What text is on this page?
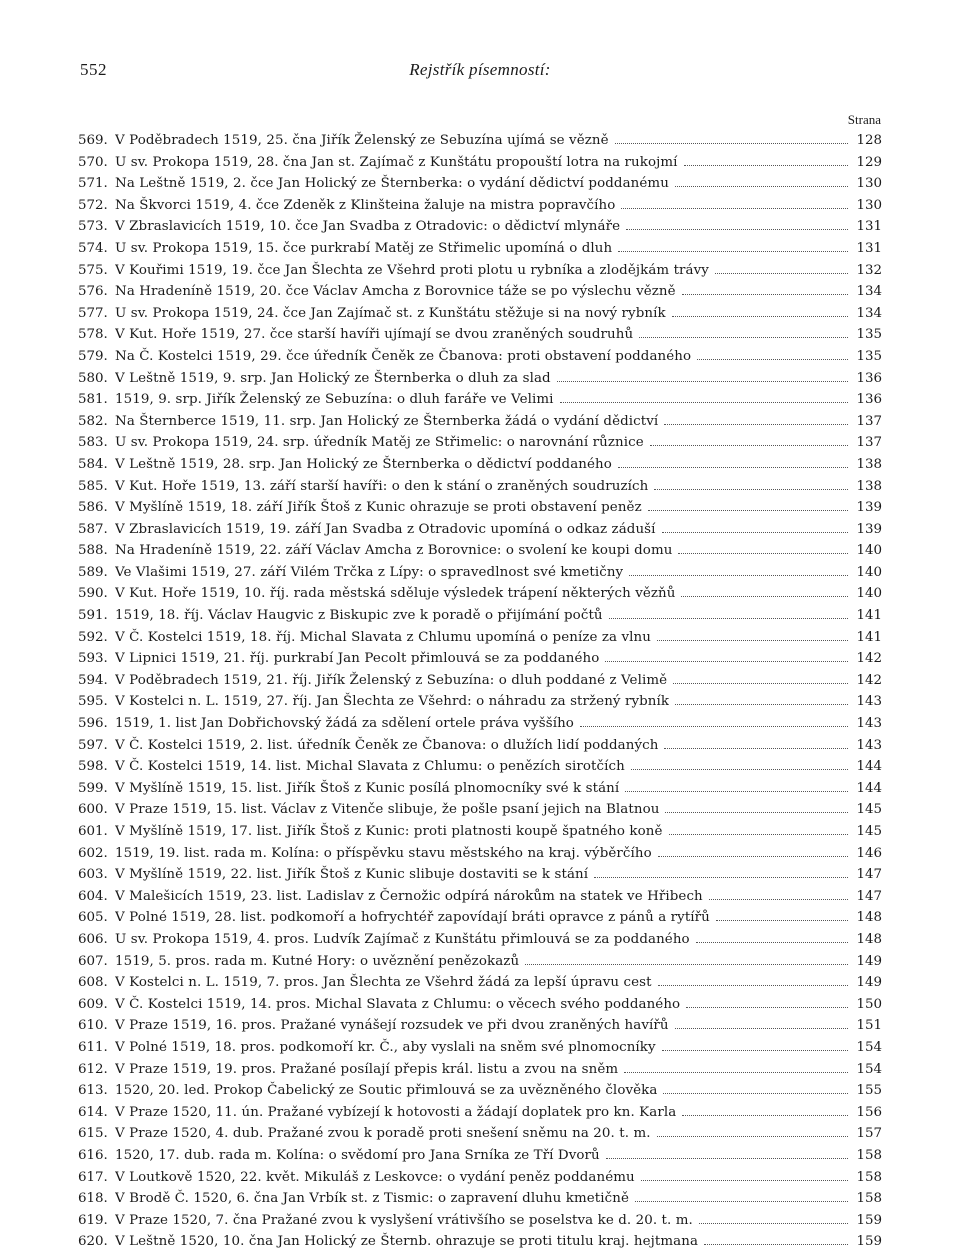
552	Rejstřík písemností:
Strana
569. V Poděbradech 1519, 25. čna Jiřík Želenský ze Sebuzína ujímá se vězně	128
570. U sv. Prokopa 1519, 28. čna Jan st. Zajímač z Kunštátu propouští lotra na rukojmí	129
571. Na Leštně 1519, 2. čce Jan Holický ze Šternberka: o vydání dědictví poddanému	130
572. Na Škvorci 1519, 4. čce Zdeněk z Klinšteina žaluje na mistra popravčího	130
573. V Zbraslavicích 1519, 10. čce Jan Svadba z Otradovic: o dědictví mlynáře	131
574. U sv. Prokopa 1519, 15. čce purkrabí Matěj ze Střimelic upomíná o dluh	131
575. V Kouřimi 1519, 19. čce Jan Šlechta ze Všehrd proti plotu u rybníka a zlodějkám trávy	132
576. Na Hradeníně 1519, 20. čce Václav Amcha z Borovnice táže se po výslechu vězně	134
577. U sv. Prokopa 1519, 24. čce Jan Zajímač st. z Kunštátu stěžuje si na nový rybník	134
578. V Kut. Hoře 1519, 27. čce starší havíři ujímají se dvou zraněných soudruhů	135
579. Na Č. Kostelci 1519, 29. čce úředník Čeněk ze Čbanova: proti obstavení poddaného	135
580. V Leštně 1519, 9. srp. Jan Holický ze Šternberka o dluh za slad	136
581. 1519, 9. srp. Jiřík Želenský ze Sebuzína: o dluh faráře ve Velimi	136
582. Na Šternberce 1519, 11. srp. Jan Holický ze Šternberka žádá o vydání dědictví	137
583. U sv. Prokopa 1519, 24. srp. úředník Matěj ze Střimelic: o narovnání různice	137
584. V Leštně 1519, 28. srp. Jan Holický ze Šternberka o dědictví poddaného	138
585. V Kut. Hoře 1519, 13. září starší havíři: o den k stání o zraněných soudruzích	138
586. V Myšlíně 1519, 18. září Jiřík Štoš z Kunic ohrazuje se proti obstavení peněz	139
587. V Zbraslavicích 1519, 19. září Jan Svadba z Otradovic upomíná o odkaz záduší	139
588. Na Hradeníně 1519, 22. září Václav Amcha z Borovnice: o svolení ke koupi domu	140
589. Ve Vlašimi 1519, 27. září Vilém Trčka z Lípy: o spravedlnost své kmetičny	140
590. V Kut. Hoře 1519, 10. říj. rada městská sděluje výsledek trápení některých vězňů	140
591. 1519, 18. říj. Václav Haugvic z Biskupic zve k poradě o přijímání počtů	141
592. V Č. Kostelci 1519, 18. říj. Michal Slavata z Chlumu upomíná o peníze za vlnu	141
593. V Lipnici 1519, 21. říj. purkrabí Jan Pecolt přimlouvá se za poddaného	142
594. V Poděbradech 1519, 21. říj. Jiřík Želenský z Sebuzína: o dluh poddané z Velimě	142
595. V Kostelci n. L. 1519, 27. říj. Jan Šlechta ze Všehrd: o náhradu za stržený rybník	143
596. 1519, 1. list Jan Dobřichovský žádá za sdělení ortele práva vyššího	143
597. V Č. Kostelci 1519, 2. list. úředník Čeněk ze Čbanova: o dlužích lidí poddaných	143
598. V Č. Kostelci 1519, 14. list. Michal Slavata z Chlumu: o penězích sirotčích	144
599. V Myšlíně 1519, 15. list. Jiřík Štoš z Kunic posílá plnomocníky své k stání	144
600. V Praze 1519, 15. list. Václav z Vitenče slibuje, že pošle psaní jejich na Blatnou	145
601. V Myšlíně 1519, 17. list. Jiřík Štoš z Kunic: proti platnosti koupě špatného koně	145
602. 1519, 19. list. rada m. Kolína: o příspěvku stavu městského na kraj. výběrčího	146
603. V Myšlíně 1519, 22. list. Jiřík Štoš z Kunic slibuje dostaviti se k stání	147
604. V Malešicích 1519, 23. list. Ladislav z Černožic odpírá nárokům na statek ve Hřibech	147
605. V Polné 1519, 28. list. podkomoří a hofrychtéř zapovídají bráti opravce z pánů a rytířů	148
606. U sv. Prokopa 1519, 4. pros. Ludvík Zajímač z Kunštátu přimlouvá se za poddaného	148
607. 1519, 5. pros. rada m. Kutné Hory: o uvěznění penězokazů	149
608. V Kostelci n. L. 1519, 7. pros. Jan Šlechta ze Všehrd žádá za lepší úpravu cest	149
609. V Č. Kostelci 1519, 14. pros. Michal Slavata z Chlumu: o věcech svého poddaného	150
610. V Praze 1519, 16. pros. Pražané vynášejí rozsudek ve při dvou zraněných havířů	151
611. V Polné 1519, 18. pros. podkomoří kr. Č., aby vyslali na sněm své plnomocníky	154
612. V Praze 1519, 19. pros. Pražané posílají přepis král. listu a zvou na sněm	154
613. 1520, 20. led. Prokop Čabelický ze Soutic přimlouvá se za uvězněného člověka	155
614. V Praze 1520, 11. ún. Pražané vybízejí k hotovosti a žádají doplatek pro kn. Karla	156
615. V Praze 1520, 4. dub. Pražané zvou k poradě proti snešení sněmu na 20. t. m.	157
616. 1520, 17. dub. rada m. Kolína: o svědomí pro Jana Srníka ze Tří Dvorů	158
617. V Loutkově 1520, 22. květ. Mikuláš z Leskovce: o vydání peněz poddanému	158
618. V Brodě Č. 1520, 6. čna Jan Vrbík st. z Tismic: o zapravení dluhu kmetičně	158
619. V Praze 1520, 7. čna Pražané zvou k vyslyšení vrátivšího se poselstva ke d. 20. t. m.	159
620. V Leštně 1520, 10. čna Jan Holický ze Šternb. ohrazuje se proti titulu kraj. hejtmana	159
